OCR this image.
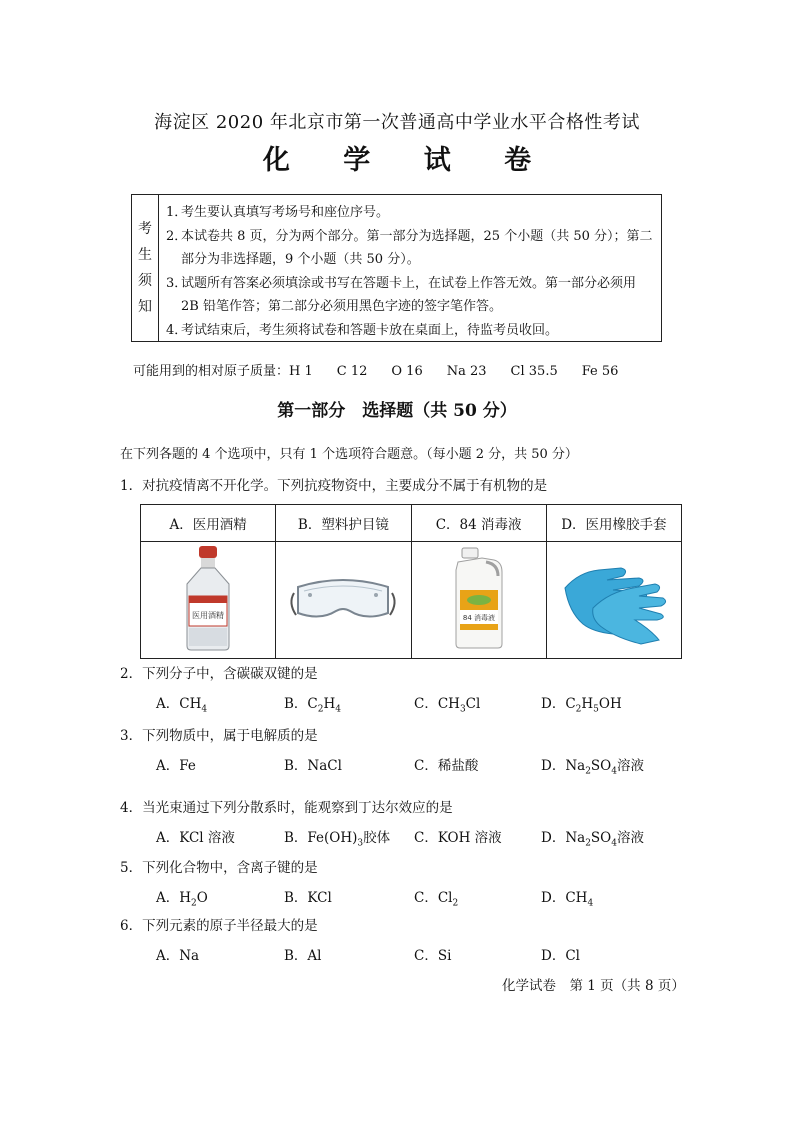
海淀区 2020 年北京市第一次普通高中学业水平合格性考试
化 学 试 卷
考
生
须
知
1．
考生要认真填写考场号和座位序号。
2．
本试卷共 8 页，分为两个部分。第一部分为选择题，25 个小题（共 50 分）；第二部分为非选择题，9 个小题（共 50 分）。
3．
试题所有答案必须填涂或书写在答题卡上，在试卷上作答无效。第一部分必须用 2B 铅笔作答；第二部分必须用黑色字迹的签字笔作答。
4．
考试结束后，考生须将试卷和答题卡放在桌面上，待监考员收回。
可能用到的相对原子质量：H 1 C 12 O 16 Na 23 Cl 35.5 Fe 56
第一部分　选择题（共 50 分）
在下列各题的 4 个选项中，只有 1 个选项符合题意。（每小题 2 分，共 50 分）
1．对抗疫情离不开化学。下列抗疫物资中，主要成分不属于有机物的是
A．医用酒精	B．塑料护目镜	C．84 消毒液	D．医用橡胶手套

医用酒精		84 消毒液

2．下列分子中，含碳碳双键的是
A．$CH_4$	B．$C_2H_4$	C．$CH_3Cl$	D．$C_2H_5OH$
3．下列物质中，属于电解质的是
A．Fe	B．NaCl	C．稀盐酸	D．$Na_2SO_4$溶液
4．当光束通过下列分散系时，能观察到丁达尔效应的是
A．KCl 溶液	B．$Fe(OH)_3$胶体 C．KOH 溶液	D．$Na_2SO_4$溶液
5．下列化合物中，含离子键的是
A．$H_2O$	B．KCl	C．$Cl_2$	D．$CH_4$
6．下列元素的原子半径最大的是
A．Na	B．Al	C．Si	D．Cl
化学试卷　第 1 页（共 8 页）
